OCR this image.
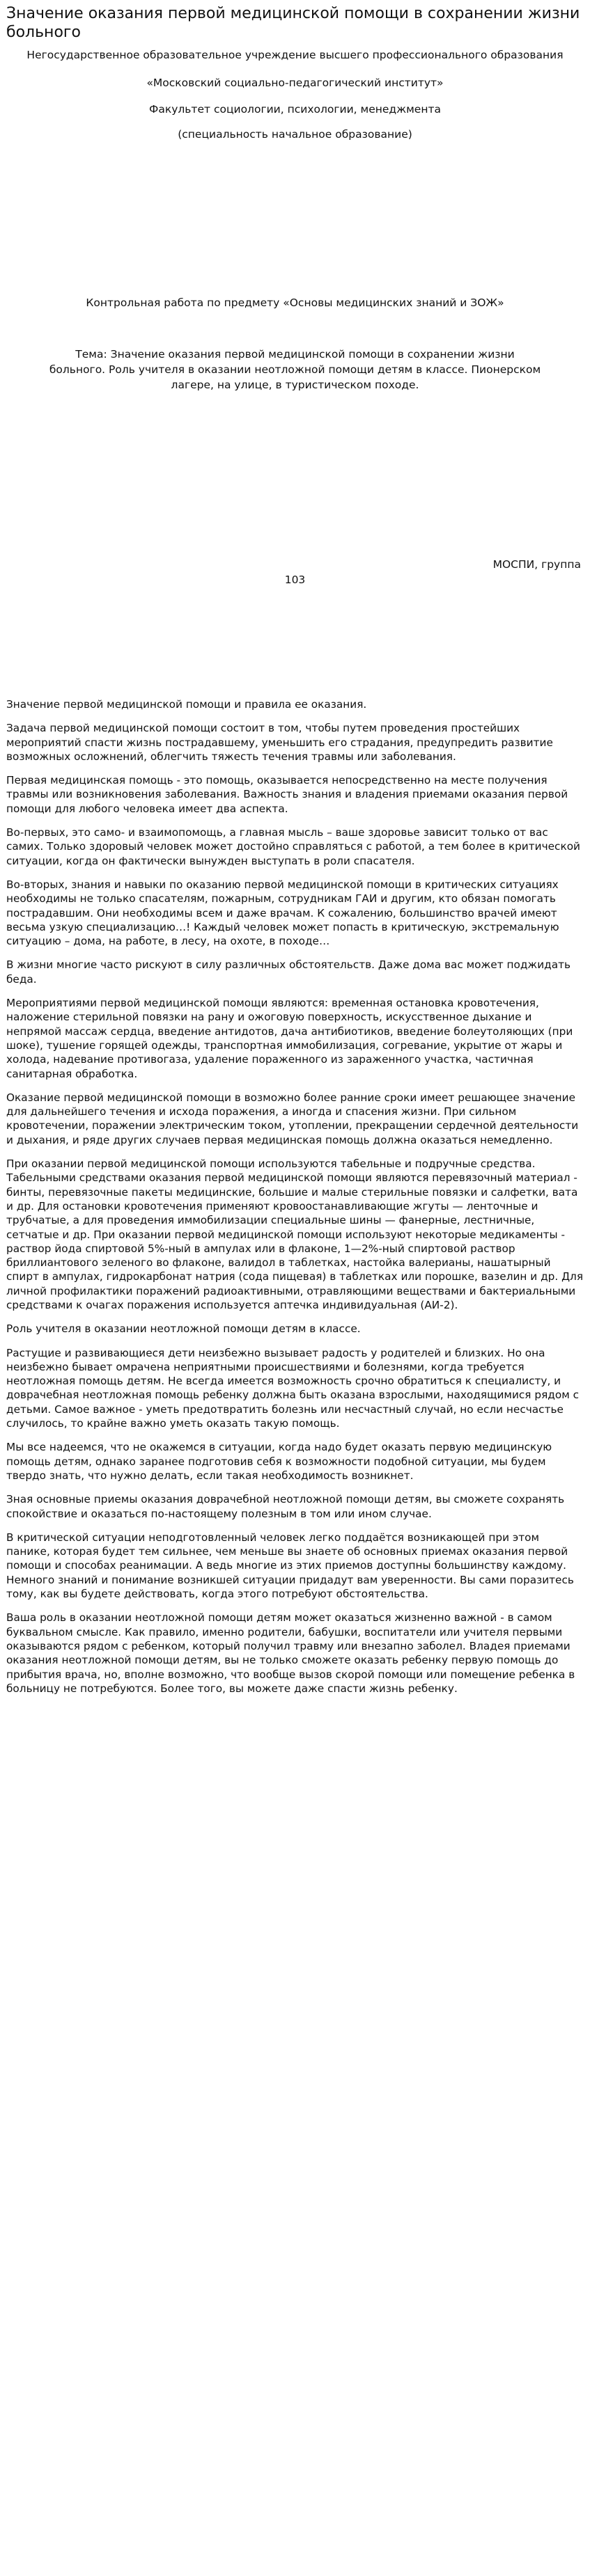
Значение оказания первой медицинской помощи в сохранении жизни больного
Негосударственное образовательное учреждение высшего профессионального образования
«Московский социально-педагогический институт»
Факультет социологии, психологии, менеджмента
(специальность начальное образование)
Контрольная работа по предмету «Основы медицинских знаний и ЗОЖ»
Тема: Значение оказания первой медицинской помощи в сохранении жизни больного. Роль учителя в оказании неотложной помощи детям в классе. Пионерском лагере, на улице, в туристическом походе.
МОСПИ, группа
103

Значение первой медицинской помощи и правила ее оказания.

Задача первой медицинской помощи состоит в том, чтобы путем проведения простейших мероприятий спасти жизнь пострадавшему, уменьшить его страдания, предупредить развитие возможных осложнений, облегчить тяжесть течения травмы или заболевания.

Первая медицинская помощь - это помощь, оказывается непосредственно на месте получения травмы или возникновения заболевания. Важность знания и владения приемами оказания первой помощи для любого человека имеет два аспекта.

Во-первых, это само- и взаимопомощь, а главная мысль – ваше здоровье зависит только от вас самих. Только здоровый человек может достойно справляться с работой, а тем более в критической ситуации, когда он фактически вынужден выступать в роли спасателя.

Во-вторых, знания и навыки по оказанию первой медицинской помощи в критических ситуациях необходимы не только спасателям, пожарным, сотрудникам ГАИ и другим, кто обязан помогать пострадавшим. Они необходимы всем и даже врачам. К сожалению, большинство врачей имеют весьма узкую специализацию…! Каждый человек может попасть в критическую, экстремальную ситуацию – дома, на работе, в лесу, на охоте, в походе…

В жизни многие часто рискуют в силу различных обстоятельств. Даже дома вас может поджидать беда.

Мероприятиями первой медицинской помощи являются: временная остановка кровотечения, наложение стерильной повязки на рану и ожоговую поверхность, искусственное дыхание и непрямой массаж сердца, введение антидотов, дача антибиотиков, введение болеутоляющих (при шоке), тушение горящей одежды, транспортная иммобилизация, согревание, укрытие от жары и холода, надевание противогаза, удаление пораженного из зараженного участка, частичная санитарная обработка.

Оказание первой медицинской помощи в возможно более ранние сроки имеет решающее значение для дальнейшего течения и исхода поражения, а иногда и спасения жизни. При сильном кровотечении, поражении электрическим током, утоплении, прекращении сердечной деятельности и дыхания, и ряде других случаев первая медицинская помощь должна оказаться немедленно.

При оказании первой медицинской помощи используются табельные и подручные средства. Табельными средствами оказания первой медицинской помощи являются перевязочный материал - бинты, перевязочные пакеты медицинские, большие и малые стерильные повязки и салфетки, вата и др. Для остановки кровотечения применяют кровоостанавливающие жгуты — ленточные и трубчатые, а для проведения иммобилизации специальные шины — фанерные, лестничные, сетчатые и др. При оказании первой медицинской помощи используют некоторые медикаменты - раствор йода спиртовой 5%-ный в ампулах или в флаконе, 1—2%-ный спиртовой раствор бриллиантового зеленого во флаконе, валидол в таблетках, настойка валерианы, нашатырный спирт в ампулах, гидрокарбонат натрия (сода пищевая) в таблетках или порошке, вазелин и др. Для личной профилактики поражений радиоактивными, отравляющими веществами и бактериальными средствами к очагах поражения используется аптечка индивидуальная (АИ-2).

Роль учителя в оказании неотложной помощи детям в классе.

Растущие и развивающиеся дети неизбежно вызывает радость у родителей и близких. Но она неизбежно бывает омрачена неприятными происшествиями и болезнями, когда требуется неотложная помощь детям. Не всегда имеется возможность срочно обратиться к специалисту, и доврачебная неотложная помощь ребенку должна быть оказана взрослыми, находящимися рядом с детьми. Самое важное - уметь предотвратить болезнь или несчастный случай, но если несчастье случилось, то крайне важно уметь оказать такую помощь.

Мы все надеемся, что не окажемся в ситуации, когда надо будет оказать первую медицинскую помощь детям, однако заранее подготовив себя к возможности подобной ситуации, мы будем твердо знать, что нужно делать, если такая необходимость возникнет.

Зная основные приемы оказания доврачебной неотложной помощи детям, вы сможете сохранять спокойствие и оказаться по-настоящему полезным в том или ином случае.

В критической ситуации неподготовленный человек легко поддаётся возникающей при этом панике, которая будет тем сильнее, чем меньше вы знаете об основных приемах оказания первой помощи и способах реанимации. А ведь многие из этих приемов доступны большинству каждому. Немного знаний и понимание возникшей ситуации придадут вам уверенности. Вы сами поразитесь тому, как вы будете действовать, когда этого потребуют обстоятельства.

Ваша роль в оказании неотложной помощи детям может оказаться жизненно важной - в самом буквальном смысле. Как правило, именно родители, бабушки, воспитатели или учителя первыми оказываются рядом с ребенком, который получил травму или внезапно заболел. Владея приемами оказания неотложной помощи детям, вы не только сможете оказать ребенку первую помощь до прибытия врача, но, вполне возможно, что вообще вызов скорой помощи или помещение ребенка в больницу не потребуются. Более того, вы можете даже спасти жизнь ребенку.
